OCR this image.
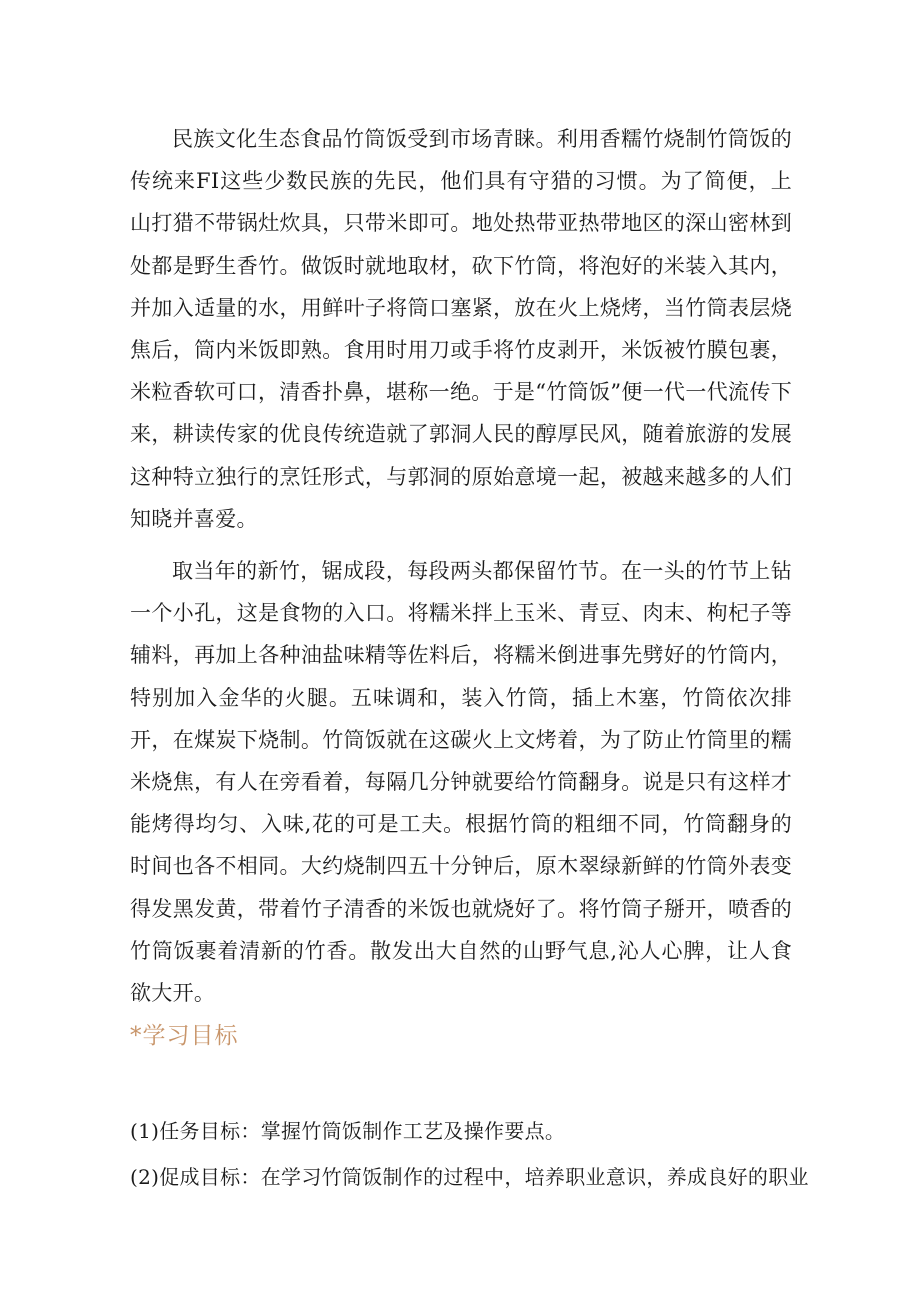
民族文化生态食品竹筒饭受到市场青睐。利用香糯竹烧制竹筒饭的传统来FI这些少数民族的先民，他们具有守猎的习惯。为了简便，上山打猎不带锅灶炊具，只带米即可。地处热带亚热带地区的深山密林到处都是野生香竹。做饭时就地取材，砍下竹筒，将泡好的米装入其内，并加入适量的水，用鲜叶子将筒口塞紧，放在火上烧烤，当竹筒表层烧焦后，筒内米饭即熟。食用时用刀或手将竹皮剥开，米饭被竹膜包裹，米粒香软可口，清香扑鼻，堪称一绝。于是“竹筒饭”便一代一代流传下来，耕读传家的优良传统造就了郭洞人民的醇厚民风，随着旅游的发展这种特立独行的烹饪形式，与郭洞的原始意境一起，被越来越多的人们知晓并喜爱。

取当年的新竹，锯成段，每段两头都保留竹节。在一头的竹节上钻一个小孔，这是食物的入口。将糯米拌上玉米、青豆、肉末、枸杞子等辅料，再加上各种油盐味精等佐料后，将糯米倒进事先劈好的竹筒内，特别加入金华的火腿。五味调和，装入竹筒，插上木塞，竹筒依次排开，在煤炭下烧制。竹筒饭就在这碳火上文烤着，为了防止竹筒里的糯米烧焦，有人在旁看着，每隔几分钟就要给竹筒翻身。说是只有这样才能烤得均匀、入味,花的可是工夫。根据竹筒的粗细不同，竹筒翻身的时间也各不相同。大约烧制四五十分钟后，原木翠绿新鲜的竹筒外表变得发黑发黄，带着竹子清香的米饭也就烧好了。将竹筒子掰开，喷香的竹筒饭裹着清新的竹香。散发出大自然的山野气息,沁人心脾，让人食欲大开。

*学习目标

(1)任务目标：掌握竹筒饭制作工艺及操作要点。

(2)促成目标：在学习竹筒饭制作的过程中，培养职业意识，养成良好的职业
